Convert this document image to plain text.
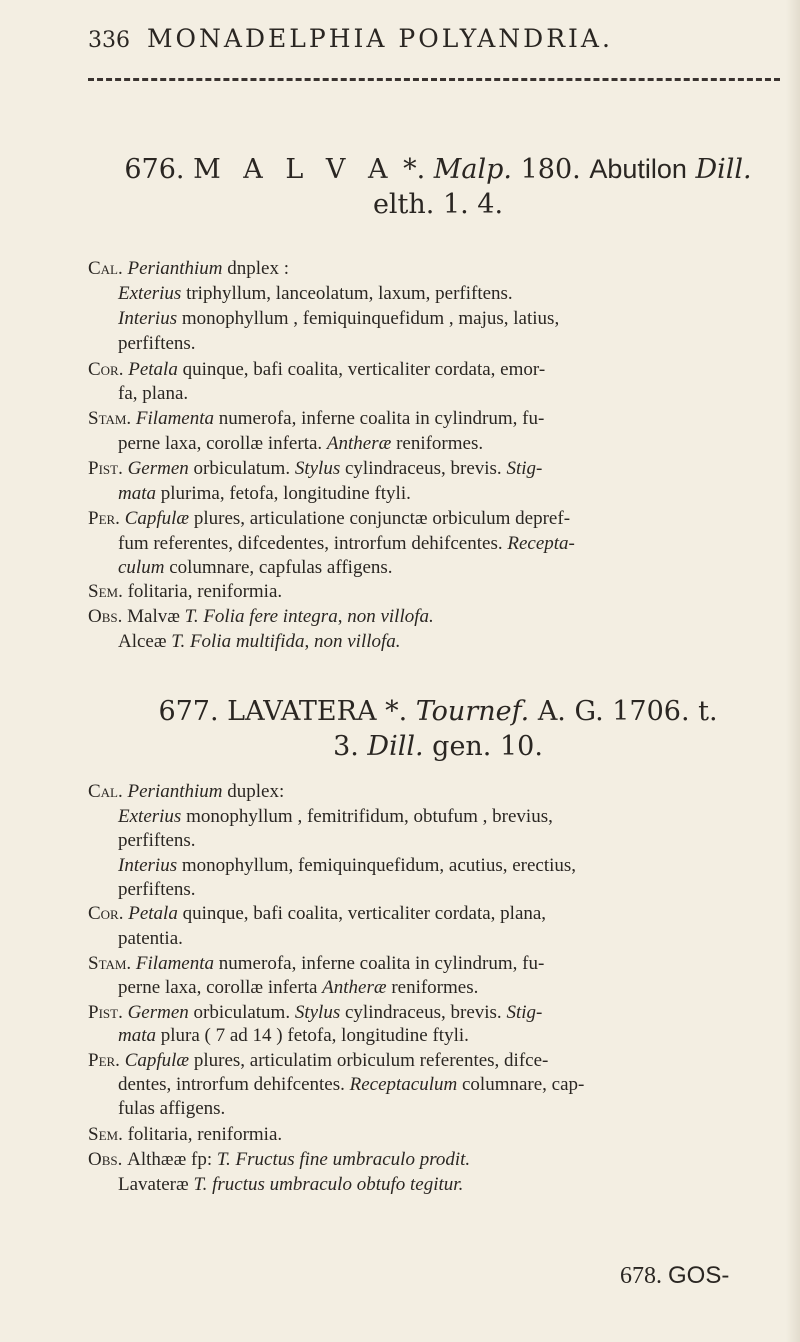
336 MONADELPHIA POLYANDRIA.
676. M A L V A *. Malp. 180. Abutilon Dill.
elth. 1. 4.
Cal. Perianthium dnplex :
Exterius triphyllum, lanceolatum, laxum, perfiftens.
Interius monophyllum , femiquinquefidum , majus, latius,
perfiftens.
Cor. Petala quinque, bafi coalita, verticaliter cordata, emor-
fa, plana.
Stam. Filamenta numerofa, inferne coalita in cylindrum, fu-
perne laxa, corollæ inferta. Antheræ reniformes.
Pist. Germen orbiculatum. Stylus cylindraceus, brevis. Stig-
mata plurima, fetofa, longitudine ftyli.
Per. Capfulæ plures, articulatione conjunctæ orbiculum depref-
fum referentes, difcedentes, introrfum dehifcentes. Recepta-
culum columnare, capfulas affigens.
Sem. folitaria, reniformia.
Obs. Malvæ T. Folia fere integra, non villofa.
Alceæ T. Folia multifida, non villofa.
677. LAVATERA *. Tournef. A. G. 1706. t.
3. Dill. gen. 10.
Cal. Perianthium duplex:
Exterius monophyllum , femitrifidum, obtufum , brevius,
perfiftens.
Interius monophyllum, femiquinquefidum, acutius, erectius,
perfiftens.
Cor. Petala quinque, bafi coalita, verticaliter cordata, plana,
patentia.
Stam. Filamenta numerofa, inferne coalita in cylindrum, fu-
perne laxa, corollæ inferta Antheræ reniformes.
Pist. Germen orbiculatum. Stylus cylindraceus, brevis. Stig-
mata plura ( 7 ad 14 ) fetofa, longitudine ftyli.
Per. Capfulæ plures, articulatim orbiculum referentes, difce-
dentes, introrfum dehifcentes. Receptaculum columnare, cap-
fulas affigens.
Sem. folitaria, reniformia.
Obs. Althææ fp: T. Fructus fine umbraculo prodit.
Lavateræ T. fructus umbraculo obtufo tegitur.
678. GOS-
